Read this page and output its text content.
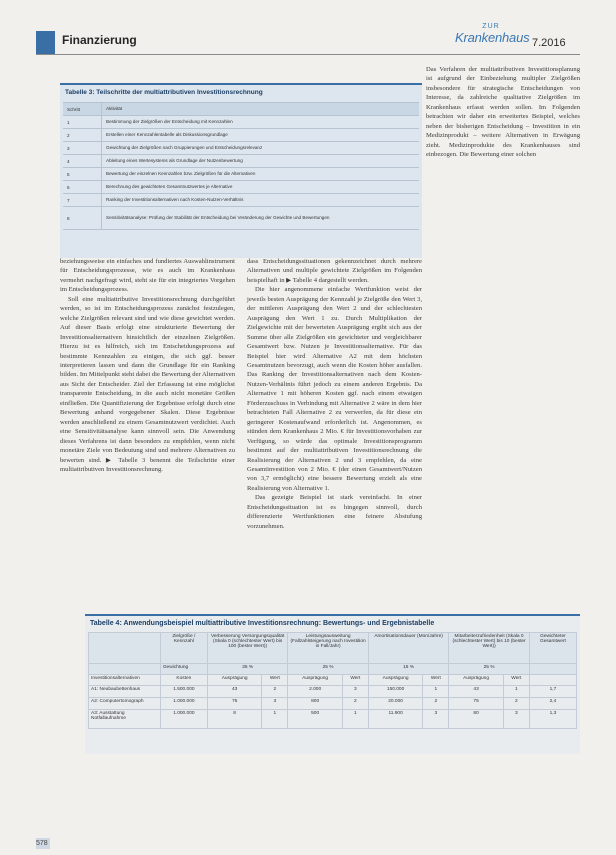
Finanzierung
ZUR
Krankenhaus 7.2016
Tabelle 3: Teilschritte der multiattributiven Investitionsrechnung
Schritt	Aktivität
1	Bestimmung der Zielgrößen der Entscheidung mit Kennzahlen
2	Erstellen einer Kennzahlentabelle als Diskussionsgrundlage
3	Gewichtung der Zielgrößen nach Gruppierungen und Entscheidungsrelevanz
4	Ableitung eines Wertesystems als Grundlage der Nutzenbewertung
5	Bewertung der einzelnen Kennzahlen bzw. Zielgrößen für die Alternativen
6	Berechnung des gewichteten Gesamtnutzwertes je Alternative
7	Ranking der Investitionsalternativen nach Kosten-Nutzen-Verhältnis
8	Sensitivitätsanalyse: Prüfung der Stabilität der Entscheidung bei Veränderung der Gewichte und Bewertungen

Das Verfahren der multiattributiven Investitionsplanung ist aufgrund der Einbeziehung multipler Zielgrößen insbesondere für strategische Entscheidungen von Interesse, da zahlreiche qualitative Zielgrößen im Krankenhaus erfasst werden sollen. Im Folgenden betrachten wir daher ein erweitertes Beispiel, welches neben der bisherigen Entscheidung – Investition in ein Medizinprodukt – weitere Alternativen in Erwägung zieht. Medizinprodukte des Krankenhauses sind einbezogen. Die Bewertung einer solchen

beziehungsweise ein einfaches und fundiertes Auswahlinstrument für Entscheidungsprozesse, wie es auch im Krankenhaus vermehrt nachgefragt wird, steht sie für ein integriertes Vorgehen im Entscheidungsprozess.

Soll eine multiattributive Investitionsrechnung durchgeführt werden, so ist im Entscheidungsprozess zunächst festzulegen, welche Zielgrößen relevant sind und wie diese gewichtet werden. Auf dieser Basis erfolgt eine strukturierte Bewertung der Investitionsalternativen hinsichtlich der einzelnen Zielgrößen. Hierzu ist es hilfreich, sich im Entscheidungsprozess auf bestimmte Kennzahlen zu einigen, die sich ggf. besser interpretieren lassen und dann die Grundlage für ein Ranking bilden. Im Mittelpunkt steht dabei die Bewertung der Alternativen aus Sicht der Entscheider. Ziel der Erfassung ist eine möglichst transparente Entscheidung, in die auch nicht monetäre Größen einfließen. Die Quantifizierung der Ergebnisse erfolgt durch eine Bewertung anhand vorgegebener Skalen. Diese Ergebnisse werden anschließend zu einem Gesamtnutzwert verdichtet. Auch eine Sensitivitätsanalyse kann sinnvoll sein. Die Anwendung dieses Verfahrens ist dann besonders zu empfehlen, wenn nicht monetäre Ziele von Bedeutung sind und mehrere Alternativen zu bewerten sind. ▶ Tabelle 3 benennt die Teilschritte einer multiattributiven Investitionsrechnung.

dass Entscheidungssituationen gekennzeichnet durch mehrere Alternativen und multiple gewichtete Zielgrößen im Folgenden beispielhaft in ▶ Tabelle 4 dargestellt werden.

Die hier angenommene einfache Wertfunktion weist der jeweils besten Ausprägung der Kennzahl je Zielgröße den Wert 3, der mittleren Ausprägung den Wert 2 und der schlechtesten Ausprägung den Wert 1 zu. Durch Multiplikation der Zielgewichte mit der bewerteten Ausprägung ergibt sich aus der Summe über alle Zielgrößen ein gewichteter und vergleichbarer Gesamtwert bzw. Nutzen je Investitionsalternative. Für das Beispiel hier wird Alternative A2 mit dem höchsten Gesamtnutzen bevorzugt, auch wenn die Kosten höher ausfallen. Das Ranking der Investitionsalternativen nach dem Kosten-Nutzen-Verhältnis führt jedoch zu einem anderen Ergebnis. Da Alternative 1 mit höheren Kosten ggf. nach einem etwaigen Förderzuschuss in Verbindung mit Alternative 2 wäre in dem hier betrachteten Fall Alternative 2 zu verwerfen, da für diese ein geringerer Kostenaufwand erforderlich ist. Angenommen, es stünden dem Krankenhaus 2 Mio. € für Investitionsvorhaben zur Verfügung, so würde das optimale Investitionsprogramm bestimmt auf der multiattributiven Investitionsrechnung die Realisierung der Alternativen 2 und 3 empfehlen, da eine Gesamtinvestition von 2 Mio. € (der einen Gesamtwert/Nutzen von 3,7 ermöglicht) eine bessere Bewertung erzielt als eine Realisierung von Alternative 1.

Das gezeigte Beispiel ist stark vereinfacht. In einer Entscheidungssituation ist es hingegen sinnvoll, durch differenzierte Wertfunktionen eine feinere Abstufung vorzunehmen.

Tabelle 4: Anwendungsbeispiel multiattributive Investitionsrechnung: Bewertungs- und Ergebnistabelle
	Zielgröße / Kennzahl	Verbesserung Versorgungsqualität (Skala 0 (schlechtester Wert) bis 100 (bester Wert))		Leistungsausweitung (Fallzahlsteigerung nach Investition in Fall/Jahr)		Amortisationsdauer (Mon/Jahre)		Mitarbeiterzufriedenheit (Skala 0 (schlechtester Wert) bis 10 (bester Wert))		Gewichteter Gesamtwert
	Gewichtung	35 %		25 %		15 %		25 %		
Investitionsalternativen	Kosten	Ausprägung	Wert	Ausprägung	Wert	Ausprägung	Wert	Ausprägung	Wert	
A1: Neubaubettenhaus	1.500.000	43	2	2.000	3	150.000	1	43	1	1,7
A2: Computertomograph	1.000.000	75	3	800	2	20.000	2	75	2	2,4
A3: Ausstattung Notfallaufnahme	1.000.000	8	1	500	1	11.900	3	80	3	1,3
578
